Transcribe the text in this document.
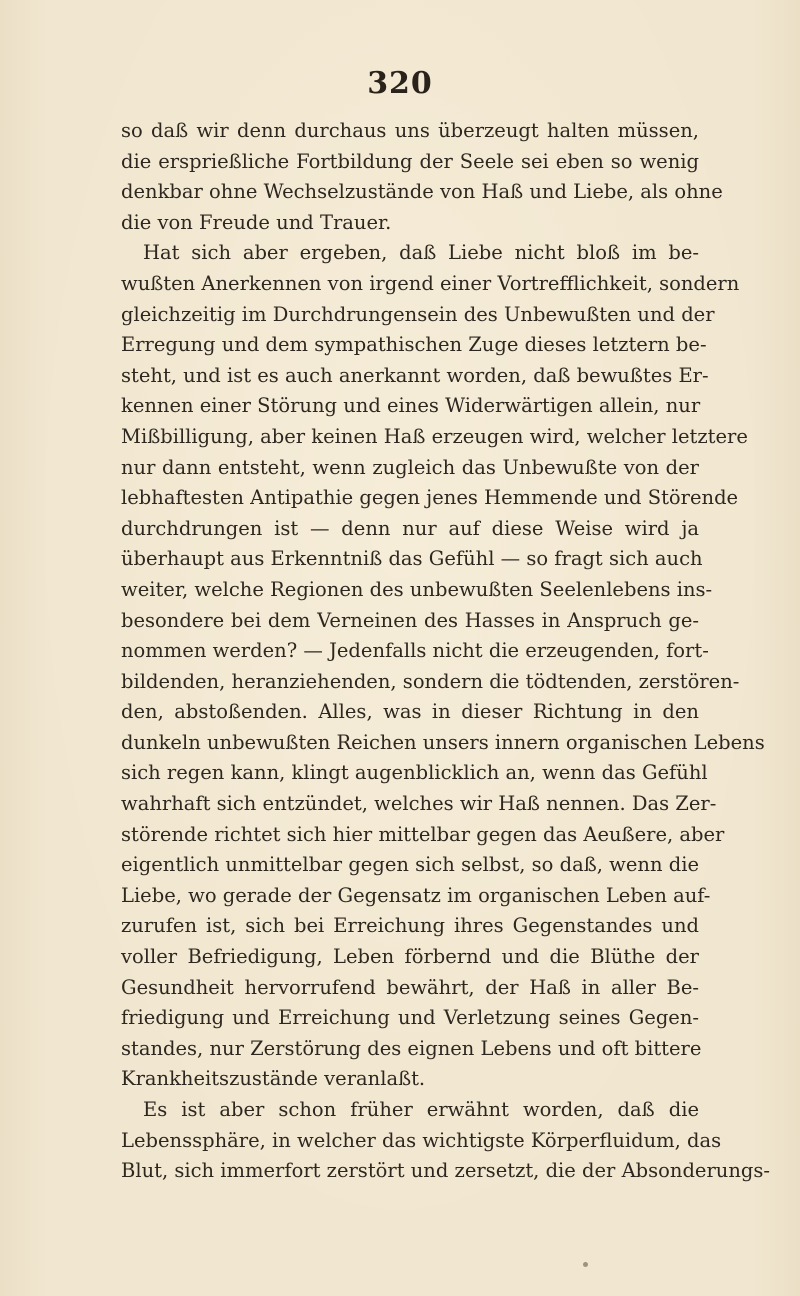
320
so daß wir denn durchaus uns überzeugt halten müssen,
die ersprießliche Fortbildung der Seele sei eben so wenig
denkbar ohne Wechselzustände von Haß und Liebe, als ohne
die von Freude und Trauer.
Hat sich aber ergeben, daß Liebe nicht bloß im be-
wußten Anerkennen von irgend einer Vortrefflichkeit, sondern
gleichzeitig im Durchdrungensein des Unbewußten und der
Erregung und dem sympathischen Zuge dieses letztern be-
steht, und ist es auch anerkannt worden, daß bewußtes Er-
kennen einer Störung und eines Widerwärtigen allein, nur
Mißbilligung, aber keinen Haß erzeugen wird, welcher letztere
nur dann entsteht, wenn zugleich das Unbewußte von der
lebhaftesten Antipathie gegen jenes Hemmende und Störende
durchdrungen ist — denn nur auf diese Weise wird ja
überhaupt aus Erkenntniß das Gefühl — so fragt sich auch
weiter, welche Regionen des unbewußten Seelenlebens ins-
besondere bei dem Verneinen des Hasses in Anspruch ge-
nommen werden? — Jedenfalls nicht die erzeugenden, fort-
bildenden, heranziehenden, sondern die tödtenden, zerstören-
den, abstoßenden. Alles, was in dieser Richtung in den
dunkeln unbewußten Reichen unsers innern organischen Lebens
sich regen kann, klingt augenblicklich an, wenn das Gefühl
wahrhaft sich entzündet, welches wir Haß nennen. Das Zer-
störende richtet sich hier mittelbar gegen das Aeußere, aber
eigentlich unmittelbar gegen sich selbst, so daß, wenn die
Liebe, wo gerade der Gegensatz im organischen Leben auf-
zurufen ist, sich bei Erreichung ihres Gegenstandes und
voller Befriedigung, Leben förbernd und die Blüthe der
Gesundheit hervorrufend bewährt, der Haß in aller Be-
friedigung und Erreichung und Verletzung seines Gegen-
standes, nur Zerstörung des eignen Lebens und oft bittere
Krankheitszustände veranlaßt.
Es ist aber schon früher erwähnt worden, daß die
Lebenssphäre, in welcher das wichtigste Körperfluidum, das
Blut, sich immerfort zerstört und zersetzt, die der Absonderungs-
